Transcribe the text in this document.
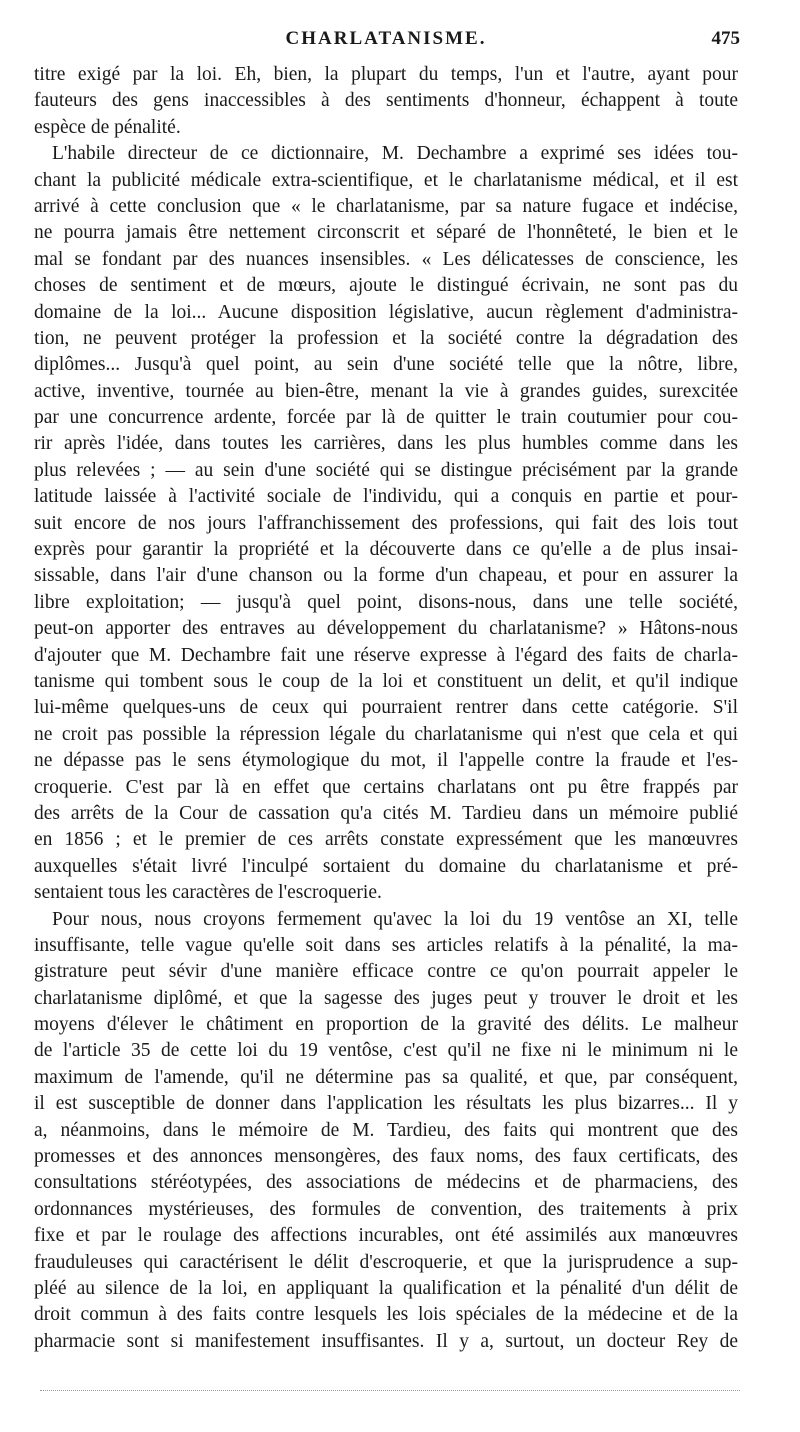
CHARLATANISME.	475
titre exigé par la loi. Eh, bien, la plupart du temps, l'un et l'autre, ayant pour
fauteurs des gens inaccessibles à des sentiments d'honneur, échappent à toute
espèce de pénalité.
L'habile directeur de ce dictionnaire, M. Dechambre a exprimé ses idées tou-
chant la publicité médicale extra-scientifique, et le charlatanisme médical, et il est
arrivé à cette conclusion que « le charlatanisme, par sa nature fugace et indécise,
ne pourra jamais être nettement circonscrit et séparé de l'honnêteté, le bien et le
mal se fondant par des nuances insensibles. « Les délicatesses de conscience, les
choses de sentiment et de mœurs, ajoute le distingué écrivain, ne sont pas du
domaine de la loi... Aucune disposition législative, aucun règlement d'administra-
tion, ne peuvent protéger la profession et la société contre la dégradation des
diplômes... Jusqu'à quel point, au sein d'une société telle que la nôtre, libre,
active, inventive, tournée au bien-être, menant la vie à grandes guides, surexcitée
par une concurrence ardente, forcée par là de quitter le train coutumier pour cou-
rir après l'idée, dans toutes les carrières, dans les plus humbles comme dans les
plus relevées ; — au sein d'une société qui se distingue précisément par la grande
latitude laissée à l'activité sociale de l'individu, qui a conquis en partie et pour-
suit encore de nos jours l'affranchissement des professions, qui fait des lois tout
exprès pour garantir la propriété et la découverte dans ce qu'elle a de plus insai-
sissable, dans l'air d'une chanson ou la forme d'un chapeau, et pour en assurer la
libre exploitation; — jusqu'à quel point, disons-nous, dans une telle société,
peut-on apporter des entraves au développement du charlatanisme? » Hâtons-nous
d'ajouter que M. Dechambre fait une réserve expresse à l'égard des faits de charla-
tanisme qui tombent sous le coup de la loi et constituent un delit, et qu'il indique
lui-même quelques-uns de ceux qui pourraient rentrer dans cette catégorie. S'il
ne croit pas possible la répression légale du charlatanisme qui n'est que cela et qui
ne dépasse pas le sens étymologique du mot, il l'appelle contre la fraude et l'es-
croquerie. C'est par là en effet que certains charlatans ont pu être frappés par
des arrêts de la Cour de cassation qu'a cités M. Tardieu dans un mémoire publié
en 1856 ; et le premier de ces arrêts constate expressément que les manœuvres
auxquelles s'était livré l'inculpé sortaient du domaine du charlatanisme et pré-
sentaient tous les caractères de l'escroquerie.
Pour nous, nous croyons fermement qu'avec la loi du 19 ventôse an XI, telle
insuffisante, telle vague qu'elle soit dans ses articles relatifs à la pénalité, la ma-
gistrature peut sévir d'une manière efficace contre ce qu'on pourrait appeler le
charlatanisme diplômé, et que la sagesse des juges peut y trouver le droit et les
moyens d'élever le châtiment en proportion de la gravité des délits. Le malheur
de l'article 35 de cette loi du 19 ventôse, c'est qu'il ne fixe ni le minimum ni le
maximum de l'amende, qu'il ne détermine pas sa qualité, et que, par conséquent,
il est susceptible de donner dans l'application les résultats les plus bizarres... Il y
a, néanmoins, dans le mémoire de M. Tardieu, des faits qui montrent que des
promesses et des annonces mensongères, des faux noms, des faux certificats, des
consultations stéréotypées, des associations de médecins et de pharmaciens, des
ordonnances mystérieuses, des formules de convention, des traitements à prix
fixe et par le roulage des affections incurables, ont été assimilés aux manœuvres
frauduleuses qui caractérisent le délit d'escroquerie, et que la jurisprudence a sup-
pléé au silence de la loi, en appliquant la qualification et la pénalité d'un délit de
droit commun à des faits contre lesquels les lois spéciales de la médecine et de la
pharmacie sont si manifestement insuffisantes. Il y a, surtout, un docteur Rey de
